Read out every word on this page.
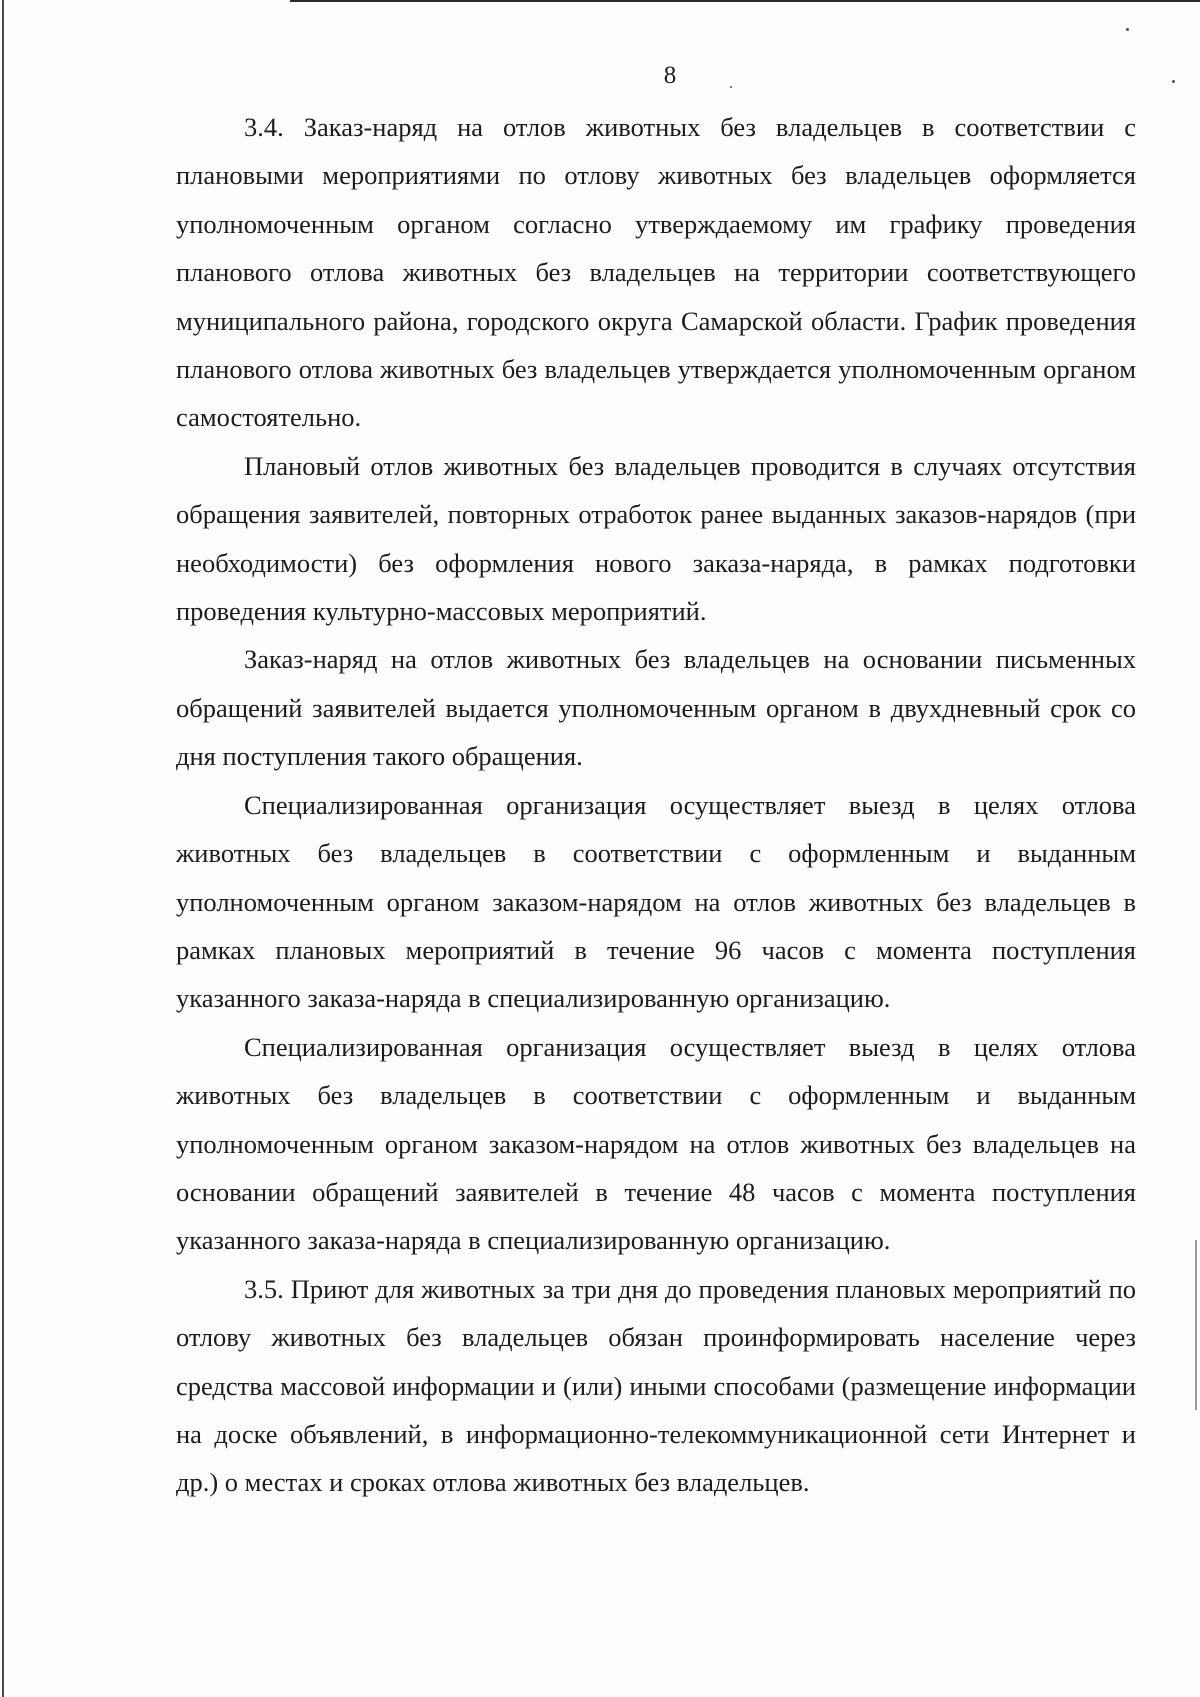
8

3.4. Заказ-наряд на отлов животных без владельцев в соответствии с плановыми мероприятиями по отлову животных без владельцев оформляется уполномоченным органом согласно утверждаемому им графику проведения планового отлова животных без владельцев на территории соответствующего муниципального района, городского округа Самарской области. График проведения планового отлова животных без владельцев утверждается уполномоченным органом самостоятельно.

Плановый отлов животных без владельцев проводится в случаях отсутствия обращения заявителей, повторных отработок ранее выданных заказов-нарядов (при необходимости) без оформления нового заказа-наряда, в рамках подготовки проведения культурно-массовых мероприятий.

Заказ-наряд на отлов животных без владельцев на основании письменных обращений заявителей выдается уполномоченным органом в двухдневный срок со дня поступления такого обращения.

Специализированная организация осуществляет выезд в целях отлова животных без владельцев в соответствии с оформленным и выданным уполномоченным органом заказом-нарядом на отлов животных без владельцев в рамках плановых мероприятий в течение 96 часов с момента поступления указанного заказа-наряда в специализированную организацию.

Специализированная организация осуществляет выезд в целях отлова животных без владельцев в соответствии с оформленным и выданным уполномоченным органом заказом-нарядом на отлов животных без владельцев на основании обращений заявителей в течение 48 часов с момента поступления указанного заказа-наряда в специализированную организацию.

3.5. Приют для животных за три дня до проведения плановых мероприятий по отлову животных без владельцев обязан проинформировать население через средства массовой информации и (или) иными способами (размещение информации на доске объявлений, в информационно-телекоммуникационной сети Интернет и др.) о местах и сроках отлова животных без владельцев.
